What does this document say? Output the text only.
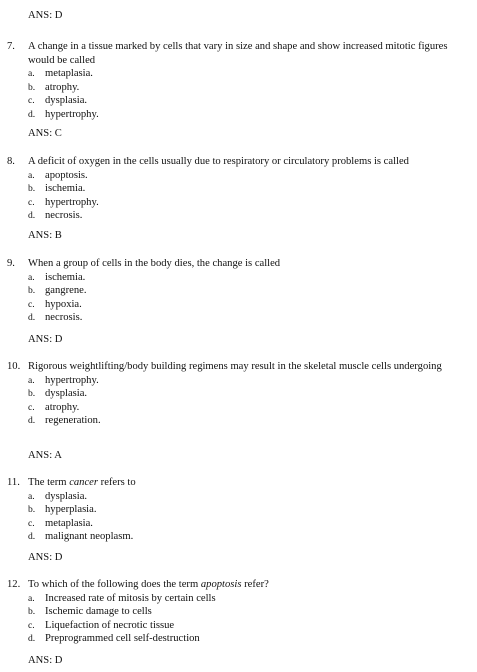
ANS: D
7.	A change in a tissue marked by cells that vary in size and shape and show increased mitotic figures would be called
a. metaplasia.
b. atrophy.
c. dysplasia.
d. hypertrophy.
ANS: C
8.	A deficit of oxygen in the cells usually due to respiratory or circulatory problems is called
a. apoptosis.
b. ischemia.
c. hypertrophy.
d. necrosis.
ANS: B
9.	When a group of cells in the body dies, the change is called
a. ischemia.
b. gangrene.
c. hypoxia.
d. necrosis.
ANS: D
10. Rigorous weightlifting/body building regimens may result in the skeletal muscle cells undergoing
a. hypertrophy.
b. dysplasia.
c. atrophy.
d. regeneration.
ANS: A
11. The term cancer refers to
a. dysplasia.
b. hyperplasia.
c. metaplasia.
d. malignant neoplasm.
ANS: D
12. To which of the following does the term apoptosis refer?
a. Increased rate of mitosis by certain cells
b. Ischemic damage to cells
c. Liquefaction of necrotic tissue
d. Preprogrammed cell self-destruction
ANS: D
